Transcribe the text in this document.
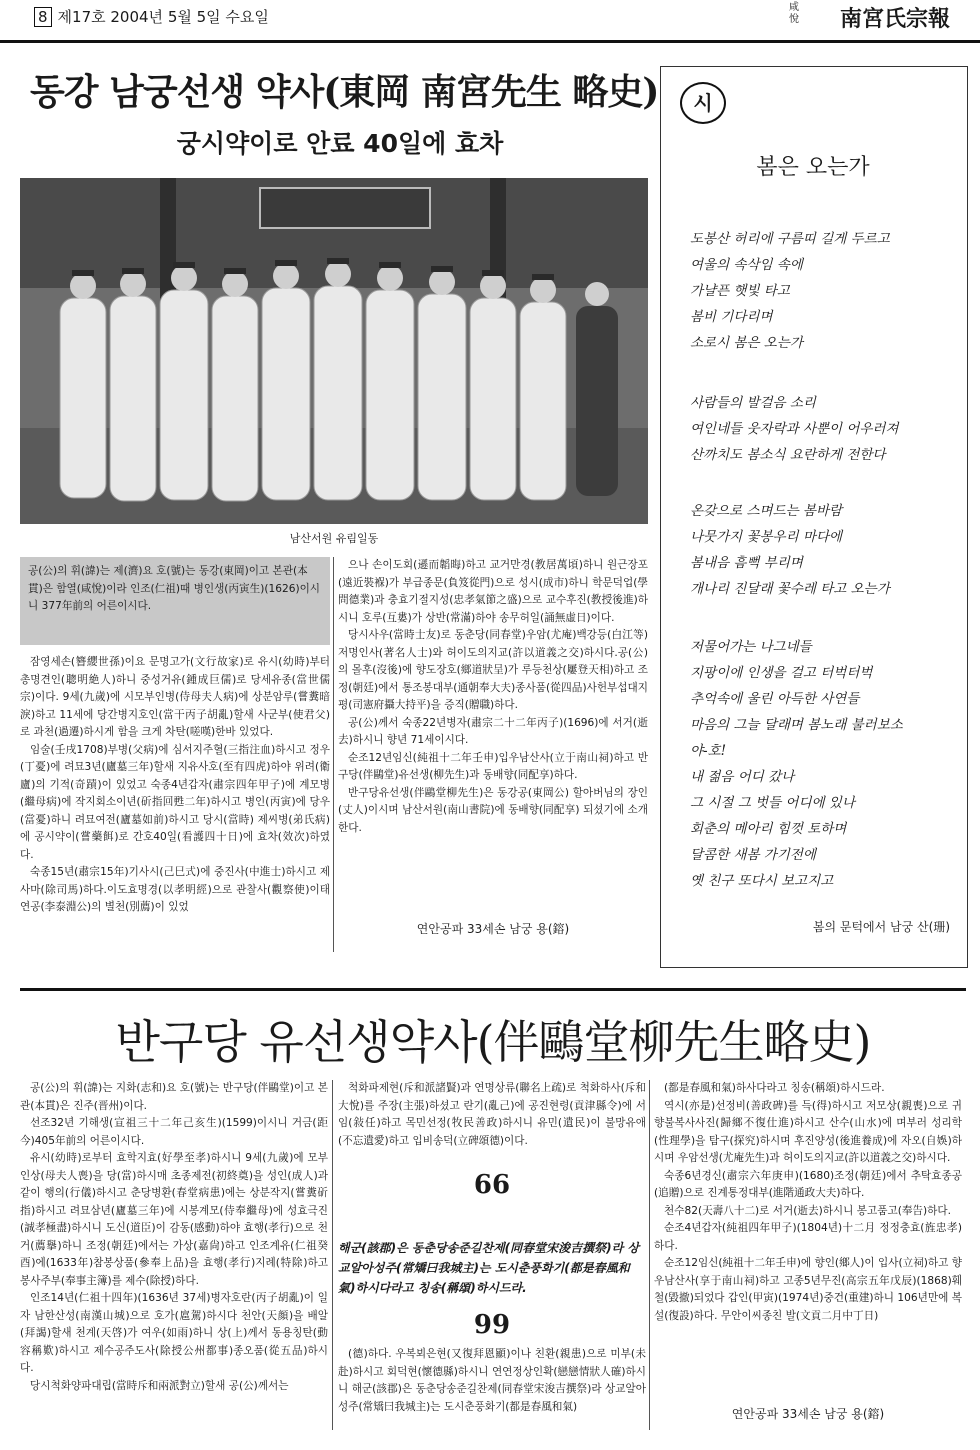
8 제17호 2004년 5월 5일 수요일
咸悅 南宮氏宗報
동강 남궁선생 약사(東岡 南宮先生 略史)
궁시약이로 안료 40일에 효차
남산서원 유림일동
공(公)의 휘(諱)는 제(濟)요 호(號)는 동강(東岡)이고 본관(本貫)은 함열(咸悅)이라 인조(仁祖)때 병인생(丙寅生)(1626)이시니 377年前의 어른이시다.

잠영세손(簪纓世孫)이요 문명고가(文行故家)로 유시(幼時)부터 총명견인(聰明絶人)하니 중성거유(鍾成巨儒)로 당세유종(當世儒宗)이다. 9세(九歲)에 시모부인병(侍母夫人病)에 상분암루(嘗糞暗淚)하고 11세에 당간병지호인(當干丙子胡亂)할새 사군부(使君父)로 과천(過遷)하시게 함을 크게 차탄(嗟嘆)한바 있었다.

임술(壬戌1708)부병(父病)에 심서지주혈(三指注血)하시고 정우(丁憂)에 려묘3년(廬墓三年)할새 지유사호(至有四虎)하야 위려(衛廬)의 기적(奇蹟)이 있었고 숙종4년갑자(肅宗四年甲子)에 계모병(繼母病)에 작지회소이년(斫指回甦二年)하시고 병인(丙寅)에 당우(當憂)하니 려묘여전(廬墓如前)하시고 당시(當時) 제씨병(弟氏病)에 공시약이(嘗藥餌)로 간호40일(看護四十日)에 효차(效次)하였다.

숙종15년(肅宗15年)기사시(己巳式)에 중진사(中進士)하시고 제사마(除司馬)하다.이도효명경(以孝明經)으로 관찰사(觀察使)이태연공(李泰淵公)의 별천(別薦)이 있었

으나 손이도회(遜而韜晦)하고 교거만경(教居萬頃)하니 원근장포(遠近裝褓)가 부급종문(負笈從門)으로 성시(成市)하니 학문덕업(學問德業)과 충효기절지성(忠孝氣節之盛)으로 교수후진(教授後進)하시니 호루(互婁)가 상반(常滿)하야 송무허일(誦無虛日)이다.

당시사우(當時士友)로 동춘당(同春堂)우암(尤庵)백강등(白江等)저명인사(著名人士)와 허이도의지교(許以道義之交)하시다.공(公)의 몰후(沒後)에 향도장호(鄉道狀呈)가 루등천상(屢登天相)하고 조정(朝廷)에서 통조봉대부(通朝奉大夫)종사품(從四品)사헌부섭대지평(司憲府攝大持平)을 증직(贈職)하다.

공(公)께서 숙종22년병자(肅宗二十二年丙子)(1696)에 서거(逝去)하시니 향년 71세이시다.

순조12년임신(純祖十二年壬申)입우남산사(立于南山祠)하고 반구당(伴鷗堂)유선생(柳先生)과 동배향(同配享)하다.

반구당유선생(伴鷗堂柳先生)은 동강공(東岡公) 할아버님의 장인(丈人)이시며 남산서원(南山書院)에 동배향(同配享) 되셨기에 소개한다.

연안공파 33세손 남궁 용(鎔)
시
봄은 오는가
도봉산 허리에 구름띠 길게 두르고
여울의 속삭임 속에
가냘픈 햇빛 타고
봄비 기다리며
소로시 봄은 오는가
사람들의 발걸음 소리
여인네들 웃자락과 사뿐이 어우러져
산까치도 봄소식 요란하게 전한다
온갖으로 스며드는 봄바람
나뭇가지 꽃봉우리 마다에
봄내음 흠뻑 부리며
개나리 진달래 꽃수레 타고 오는가
저물어가는 나그네들
지팡이에 인생을 걸고 터벅터벅
추억속에 울린 아득한 사연들
마음의 그늘 달래며 봄노래 불러보소
야-호!
내 젊음 어디 갔나
그 시절 그 벗들 어디에 있나
회춘의 메아리 힘껏 토하며
달콤한 새봄 가기전에
옛 친구 또다시 보고지고
봄의 문턱에서 남궁 산(珊)
반구당 유선생약사(伴鷗堂柳先生略史)

공(公)의 휘(諱)는 지화(志和)요 호(號)는 반구당(伴鷗堂)이고 본관(本貫)은 진주(晋州)이다.

선조32년 기해생(宣祖三十二年己亥生)(1599)이시니 거금(距今)405年前의 어른이시다.

유시(幼時)로부터 효학지효(好學至孝)하시니 9세(九歲)에 모부인상(母夫人喪)을 당(當)하시매 초종제전(初終奠)을 성인(成人)과 같이 행의(行儀)하시고 춘당병환(春堂病患)에는 상분작지(嘗糞斫指)하시고 려묘삼년(廬墓三年)에 시봉계모(侍奉繼母)에 성효극진(誠孝極盡)하시니 도신(道臣)이 감동(感動)하야 효행(孝行)으로 천거(薦擧)하니 조정(朝廷)에서는 가상(嘉尙)하고 인조계유(仁祖癸酉)에(1633年)참봉상품(參奉上品)을 효행(孝行)지례(特除)하고 봉사주부(奉事主簿)를 제수(除授)하다.

인조14년(仁祖十四年)(1636년 37세)병자호란(丙子胡亂)이 일자 남한산성(南漢山城)으로 호가(扈駕)하시다 천안(天顔)을 배알(拜謁)할새 천계(天啓)가 여우(如雨)하니 상(上)께서 동용칭탄(動容稱歎)하시고 제수공주도사(除授公州都事)종오품(從五品)하시다.

당시척화양파대립(當時斥和兩派對立)할새 공(公)께서는

척화파제현(斥和派諸賢)과 연명상류(聯名上疏)로 척화하사(斥和大悅)를 주장(主張)하셨고 란기(亂己)에 공진현령(貢津縣令)에 서임(敍任)하고 목민선정(牧民善政)하시니 유민(遺民)이 불망유애(不忘遺愛)하고 입비송덕(立碑頌德)이다.

66
해군(該郡)은 동춘당송준길찬제(同春堂宋浚吉撰祭)라 상교알아성주(常矯曰我城主)는 도시춘풍화기(都是春風和氣)하시다라고 칭송(稱頌)하시드라.
99

(德)하다. 우복뵈은현(又復拜恩顯)이나 친환(親患)으로 미부(未赴)하시고 회덕현(懷德縣)하시니 연연정상인확(戀戀情狀人確)하시니 해군(該郡)은 동춘당송준길찬제(同春堂宋浚吉撰祭)라 상교알아성주(常矯曰我城主)는 도시춘풍화기(都是春風和氣)

(都是春風和氣)하사다라고 칭송(稱頌)하시드라.

역시(亦是)선정비(善政碑)를 득(得)하시고 저모상(親喪)으로 귀향불복사사진(歸鄉不復仕進)하시고 산수(山水)에 며부러 성리학(性理學)을 탐구(探究)하시며 후진양성(後進養成)에 자오(自娛)하시며 우암선생(尤庵先生)과 허이도의지교(許以道義之交)하시다.

숙종6년경신(肅宗六年庚申)(1680)조정(朝廷)에서 추탁효종공(追贈)으로 진계통정대부(進階通政大夫)하다.

천수82(天壽八十二)로 서거(逝去)하시니 봉고품고(奉告)하다.

순조4년갑자(純祖四年甲子)(1804년)十二月 정정충효(旌忠孝)하다.

순조12임신(純祖十二年壬申)에 향인(鄉人)이 입사(立祠)하고 향우남산사(享于南山祠)하고 고종5년무진(高宗五年戊辰)(1868)훼철(毀撤)되었다 갑인(甲寅)(1974년)중건(重建)하니 106년만에 복설(復設)하다. 무안이씨종친 발(文貢二月中丁日)

연안공파 33세손 남궁 용(鎔)
